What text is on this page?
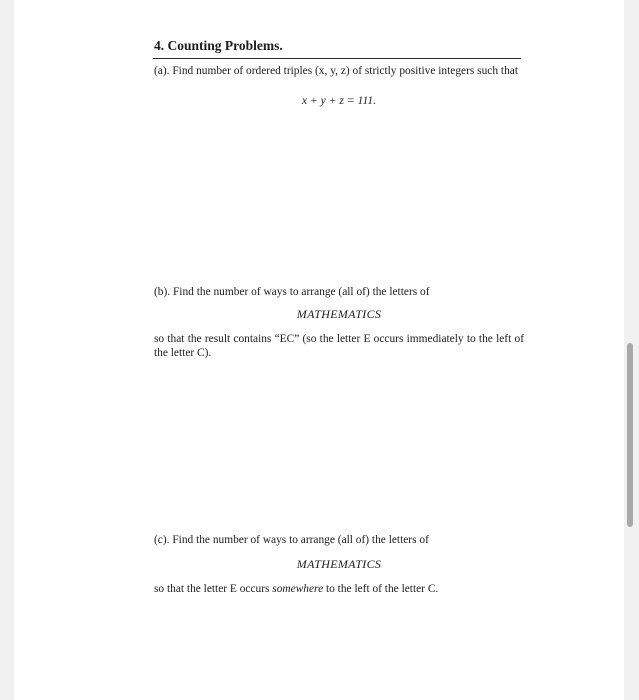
4. Counting Problems.
(a). Find number of ordered triples (x, y, z) of strictly positive integers such that
x + y + z = 111.
(b). Find the number of ways to arrange (all of) the letters of
MATHEMATICS
so that the result contains “EC” (so the letter E occurs immediately to the left of the letter C).
(c). Find the number of ways to arrange (all of) the letters of
MATHEMATICS
so that the letter E occurs somewhere to the left of the letter C.
